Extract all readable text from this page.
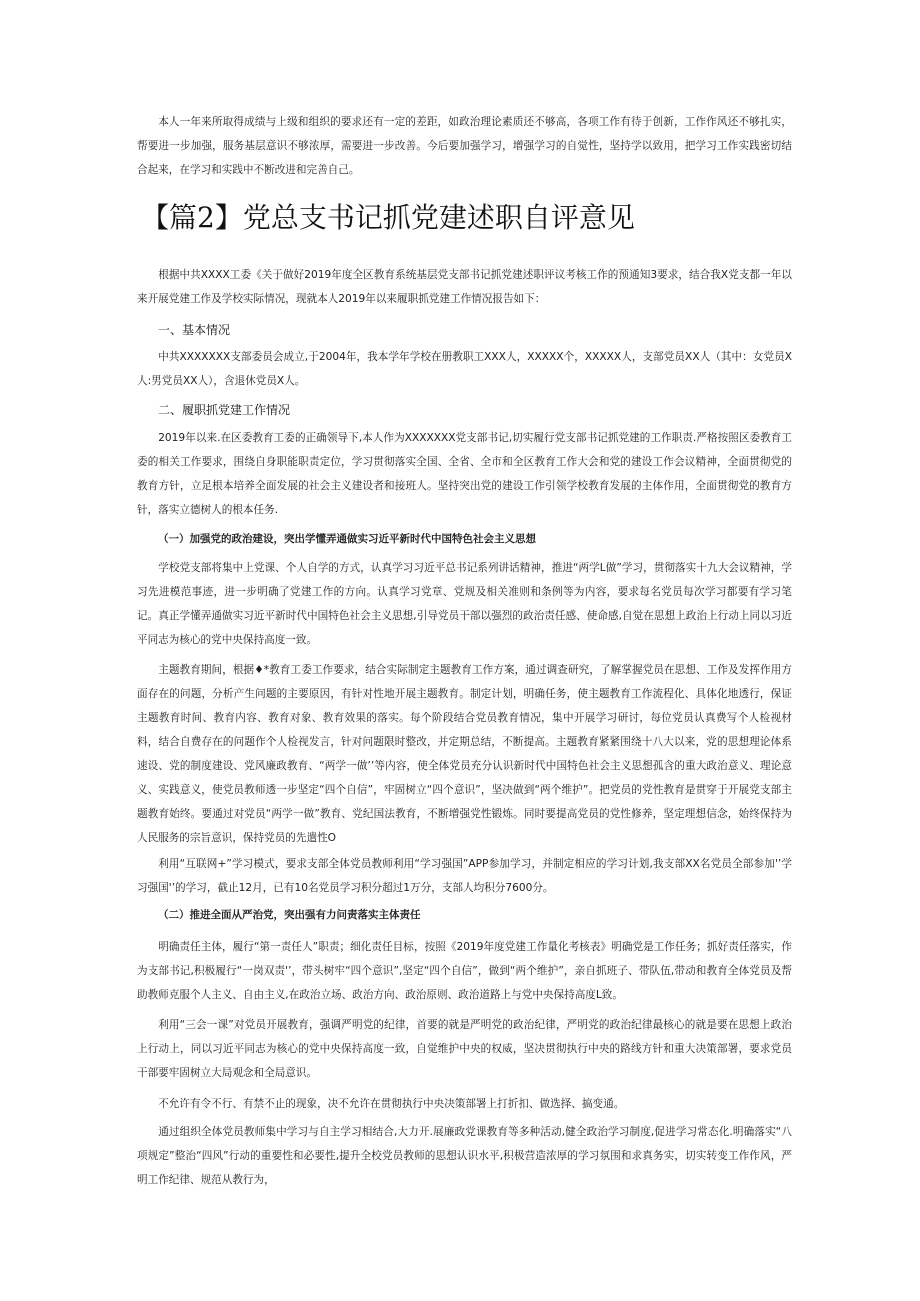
本人一年来所取得成绩与上级和组织的要求还有一定的差距，如政治理论素质还不够高，各项工作有待于创新，工作作风还不够扎实，帮要进一步加强，服务基层意识不够浓厚，需要进一步改善。今后要加强学习，增强学习的自觉性，坚持学以致用，把学习工作实践密切结合起来，在学习和实践中不断改进和完善自己。

【篇2】党总支书记抓党建述职自评意见

根据中共XXXX工委《关于做好2019年度全区教育系统基层党支部书记抓党建述职评议考核工作的预通知3要求，结合我X党支都一年以来开展党建工作及学校实际情况，现就本人2019年以来履职抓党建工作情况报告如下：

一、基本情况

中共XXXXXXX支部委员会成立,于2004年，我本学年学校在册教职工XXX人，XXXXX个，XXXXX人，支部党员XX人（其中：女党员X人:男党员XX人），含退休党员X人。

二、履职抓党建工作情况

2019年以来.在区委教育工委的正确领导下,本人作为XXXXXXX党支部书记,切实履行党支部书记抓党建的工作职责.严格按照区委教育工委的相关工作要求，围绕自身职能职责定位，学习贯彻落实全国、全省、全市和全区教育工作大会和党的建设工作会议精神，全面贯彻党的教育方针，立足根本培养全面发展的社会主义建设者和接班人。坚持突出党的建设工作引领学校教育发展的主体作用，全面贯彻党的教育方针，落实立德树人的根本任务.

（一）加强党的政治建设，突出学懂弄通做实习近平新时代中国特色社会主义思想

学校党支部将集中上党课、个人自学的方式，认真学习习近平总书记系列讲话精神，推进“两学L做”学习，贯彻落实十九大会议精神，学习先进模范事迹，进一步明确了党建工作的方向。认真学习党章、党规及相关准则和条例等为内容，要求每名党员每次学习都要有学习笔记。真正学懂弄通做实习近平新时代中国特色社会主义思想,引导党员干部以强烈的政治责任感、使命感,自觉在思想上政治上行动上同以习近平同志为核心的党中央保持高度一致。

主题教育期间，根据♦*教育工委工作要求，结合实际制定主题教育工作方案，通过调查研究，了解掌握党员在思想、工作及发挥作用方面存在的问题，分析产生问题的主要原因，有针对性地开展主题教育。制定计划，明确任务，使主题教育工作流程化、具体化地透行，保证主题教育时间、教育内容、教育对象、教育效果的落实。每个阶段结合党员教育情况，集中开展学习研讨，每位党员认真费写个人检视材料，结合自费存在的问题作个人检视发言，针对问题限时整改，并定期总结，不断提高。主题教育紧紧围绕十八大以来，党的思想理论体系速设、党的制度建设、党风廉政教育、“两学一做’’等内容，使全体党员充分认识新时代中国特色社会主义思想孤含的重大政治意义、理论意义、实践意义，使党员教师透一步坚定“四个自信”，牢固树立“四个意识”，坚决做到“两个维护”。把党员的党性教育是贯穿于开展党支部主题教育始终。要通过对党员“两学一做”教育、党纪国法教育，不断增强党性锻炼。同时要提高党员的党性修养，坚定理想信念，始终保持为人民服务的宗旨意识，保持党员的先遣性O

利用“互联网+”学习模式，要求支部全体党员教师利用“学习强国”APP参加学习，并制定相应的学习计划,我支部XX名党员全部参加'’学习强国'’的学习，截止12月，已有10名党员学习积分超过1万分，支部人均积分7600分。

（二）推进全面从严治党，突出强有力问责落实主体责任

明确责任主体，履行“第一责任人”职责；细化责任目标，按照《2019年度党建工作量化考核表》明确党是工作任务；抓好责任落实，作为支部书记,积极履行“一岗双责'’，带头树牢“四个意识”,坚定“四个自信”，做到“两个维护”，亲自抓班子、带队伍,带动和教育全体党员及帮助教师克服个人主义、自由主义,在政治立场、政治方向、政治原则、政治道路上与党中央保持高度L致。

利用“三会一课”对党员开展教育，强调严明党的纪律，首要的就是严明党的政治纪律，严明党的政治纪律最核心的就是要在思想上政治上行动上，同以习近平同志为核心的党中央保持高度一致，自觉维护中央的权威，坚决贯彻执行中央的路线方针和重大决策部署，要求党员干部要牢固树立大局观念和全局意识。

不允许有令不行、有禁不止的现象，决不允许在贯彻执行中央决策部署上打折扣、做选择、搞变通。

通过组织全体党员教师集中学习与自主学习相结合,大力开.展廉政党课教育等多种活动,健全政治学习制度,促进学习常态化.明确落实“八项规定”整治“四风”行动的重要性和必要性,提升全校党员教师的思想认识水平,积极营造浓厚的学习氛围和求真务实，切实转变工作作风，严明工作纪律、规范从教行为，
